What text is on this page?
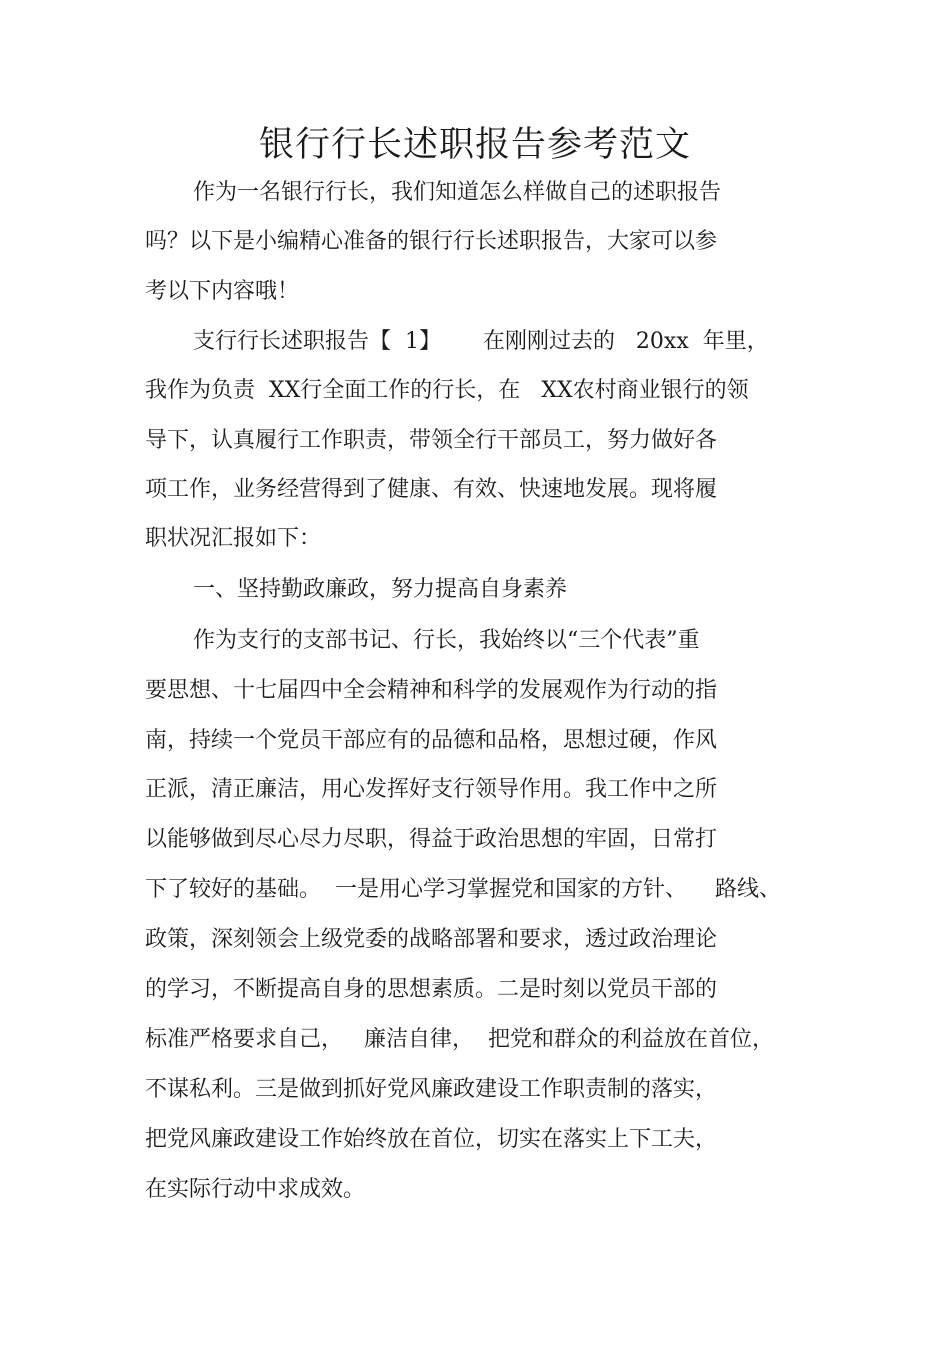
银行行长述职报告参考范文

作为一名银行行长，我们知道怎么样做自己的述职报告

吗？以下是小编精心准备的银行行长述职报告，大家可以参

考以下内容哦！

支行行长述职报告【  1】      在刚刚过去的   20xx  年里，

我作为负责  XX行全面工作的行长，在   XX农村商业银行的领

导下，认真履行工作职责，带领全行干部员工，努力做好各

项工作，业务经营得到了健康、有效、快速地发展。现将履

职状况汇报如下：

一、坚持勤政廉政，努力提高自身素养

作为支行的支部书记、行长，我始终以“三个代表”重

要思想、十七届四中全会精神和科学的发展观作为行动的指

南，持续一个党员干部应有的品德和品格，思想过硬，作风

正派，清正廉洁，用心发挥好支行领导作用。我工作中之所

以能够做到尽心尽力尽职，得益于政治思想的牢固，日常打

下了较好的基础。  一是用心学习掌握党和国家的方针、    路线、

政策，深刻领会上级党委的战略部署和要求，透过政治理论

的学习，不断提高自身的思想素质。二是时刻以党员干部的

标准严格要求自己，   廉洁自律，  把党和群众的利益放在首位，

不谋私利。三是做到抓好党风廉政建设工作职责制的落实，

把党风廉政建设工作始终放在首位，切实在落实上下工夫，

在实际行动中求成效。
